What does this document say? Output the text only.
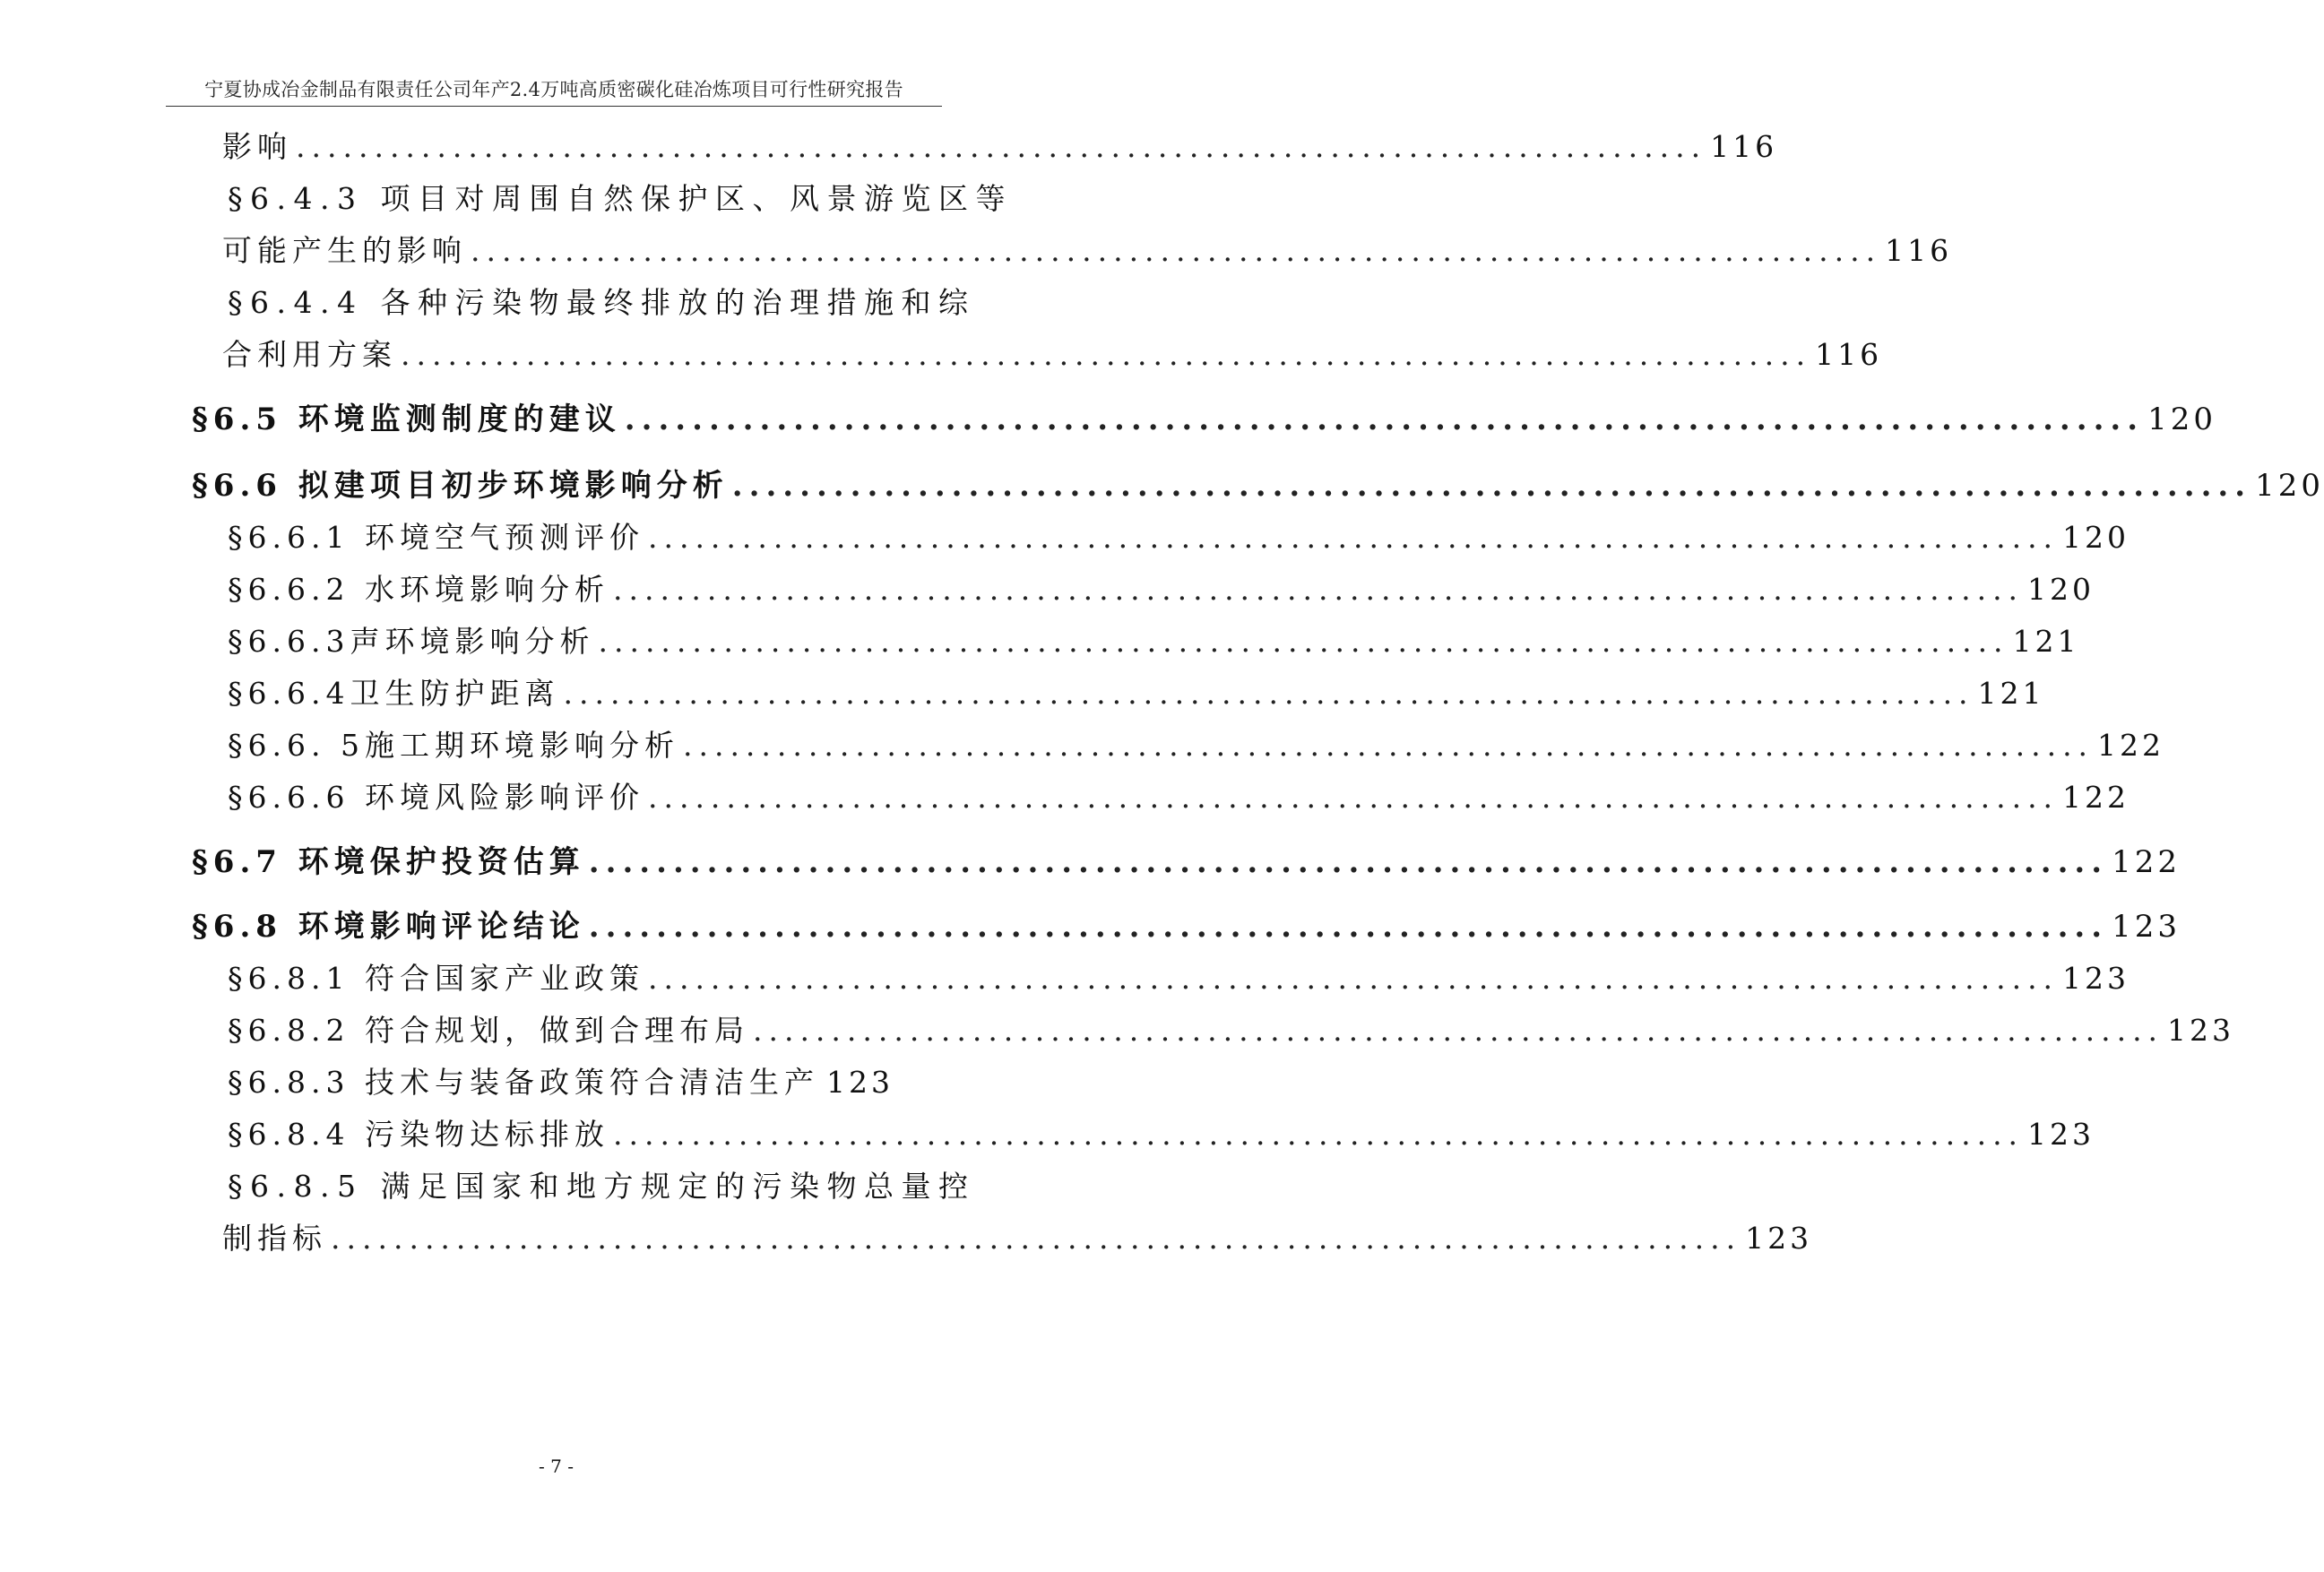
宁夏协成冶金制品有限责任公司年产2.4万吨高质密碳化硅冶炼项目可行性研究报告
影响 .......................................................................................... 116
§6.4.3 项目对周围自然保护区、风景游览区等
可能产生的影响 .......................................................................................... 116
§6.4.4 各种污染物最终排放的治理措施和综
合利用方案 .......................................................................................... 116
§6.5 环境监测制度的建议 .......................................................................................... 120
§6.6 拟建项目初步环境影响分析 .......................................................................................... 120
§6.6.1 环境空气预测评价 .......................................................................................... 120
§6.6.2 水环境影响分析 .......................................................................................... 120
§6.6.3声环境影响分析 .......................................................................................... 121
§6.6.4卫生防护距离 .......................................................................................... 121
§6.6. 5施工期环境影响分析 .......................................................................................... 122
§6.6.6 环境风险影响评价 .......................................................................................... 122
§6.7 环境保护投资估算 .......................................................................................... 122
§6.8 环境影响评论结论 .......................................................................................... 123
§6.8.1 符合国家产业政策 .......................................................................................... 123
§6.8.2 符合规划，做到合理布局 .......................................................................................... 123
§6.8.3 技术与装备政策符合清洁生产 123
§6.8.4 污染物达标排放 .......................................................................................... 123
§6.8.5 满足国家和地方规定的污染物总量控
制指标 .......................................................................................... 123
- 7 -
